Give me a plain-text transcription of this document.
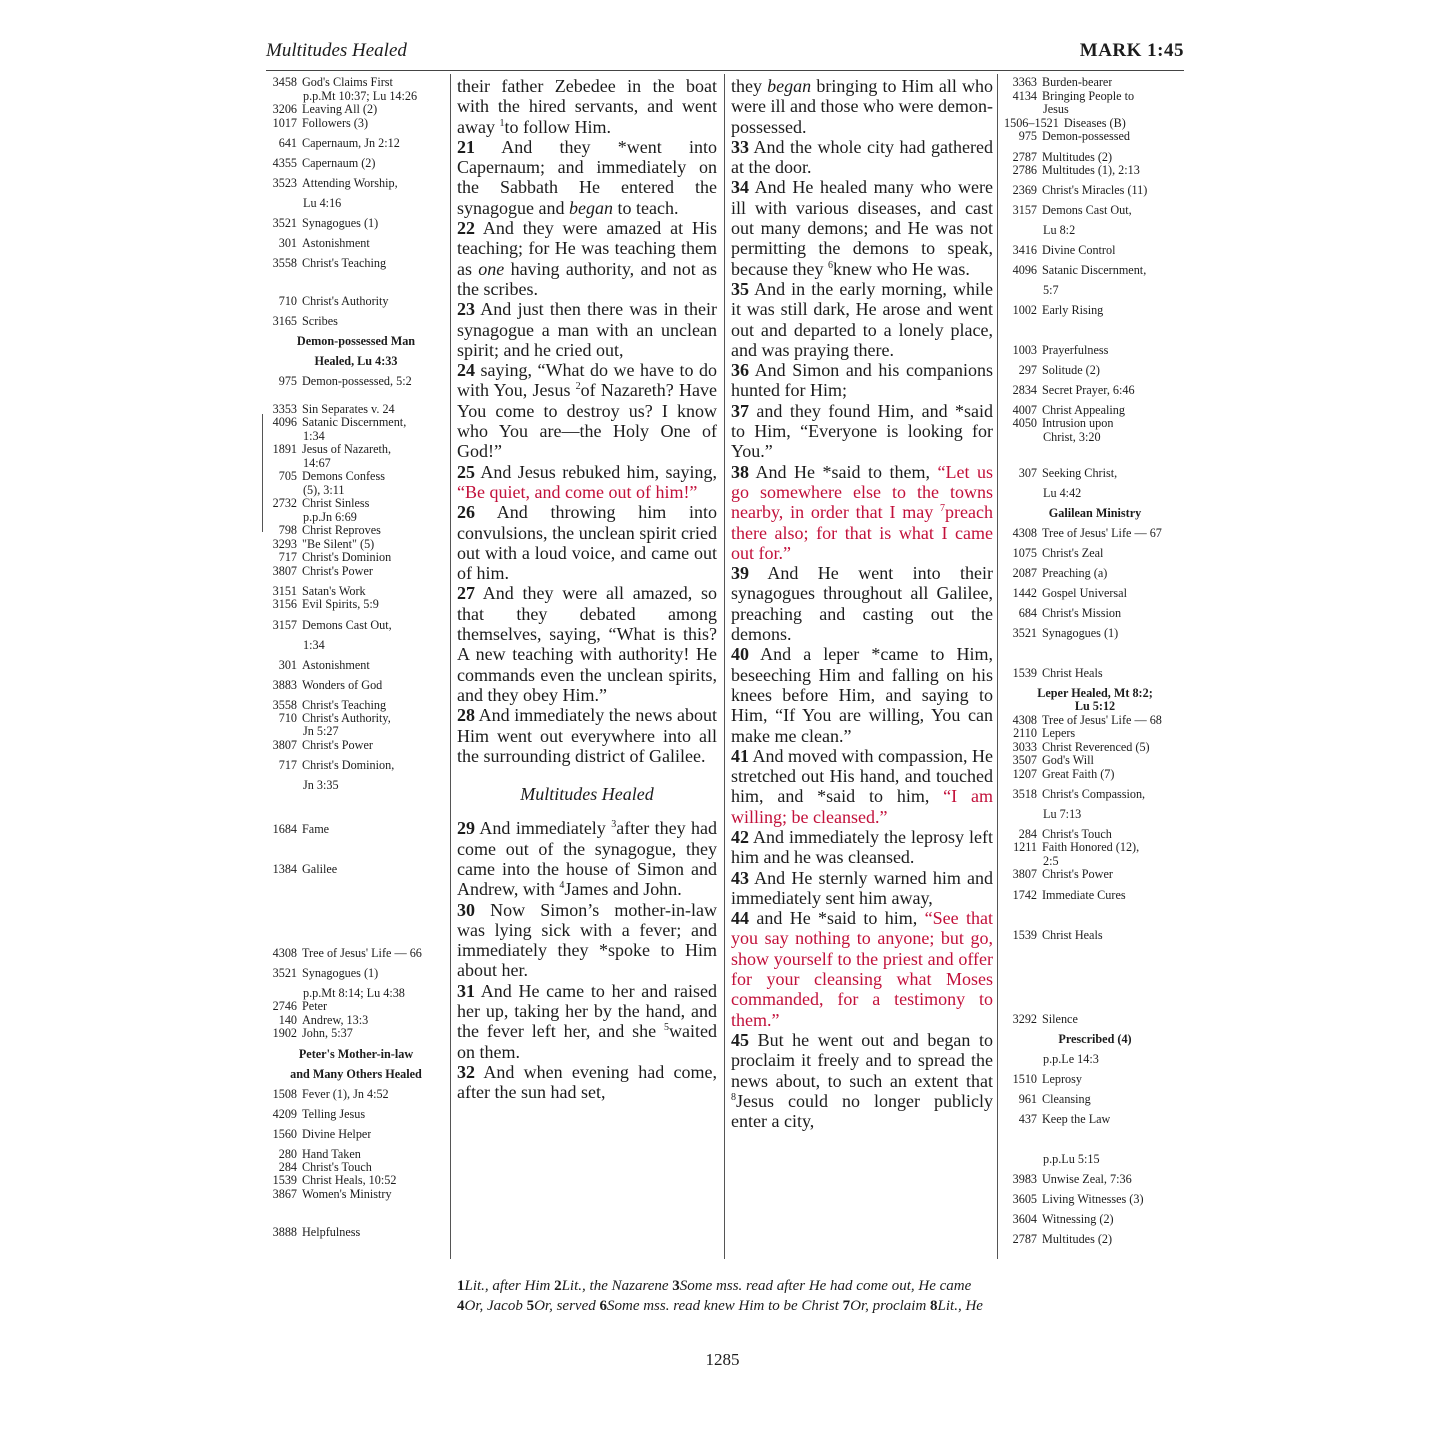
Multitudes Healed	MARK 1:45
3458 God's Claims First
p.p.Mt 10:37; Lu 14:26
3206 Leaving All (2)
1017 Followers (3)
641 Capernaum, Jn 2:12
4355 Capernaum (2)
3523 Attending Worship,
Lu 4:16
3521 Synagogues (1)
301 Astonishment
3558 Christ's Teaching
710 Christ's Authority
3165 Scribes
Demon-possessed Man
Healed, Lu 4:33
975 Demon-possessed, 5:2
3353 Sin Separates v. 24
4096 Satanic Discernment,
1:34
1891 Jesus of Nazareth,
14:67
705 Demons Confess
(5), 3:11
2732 Christ Sinless
p.p.Jn 6:69
798 Christ Reproves
3293 "Be Silent" (5)
717 Christ's Dominion
3807 Christ's Power
3151 Satan's Work
3156 Evil Spirits, 5:9
3157 Demons Cast Out,
1:34
301 Astonishment
3883 Wonders of God
3558 Christ's Teaching
710 Christ's Authority,
Jn 5:27
3807 Christ's Power
717 Christ's Dominion,
Jn 3:35
1684 Fame
1384 Galilee
4308 Tree of Jesus' Life — 66
3521 Synagogues (1)
p.p.Mt 8:14; Lu 4:38
2746 Peter
140 Andrew, 13:3
1902 John, 5:37
Peter's Mother-in-law
and Many Others Healed
1508 Fever (1), Jn 4:52
4209 Telling Jesus
1560 Divine Helper
280 Hand Taken
284 Christ's Touch
1539 Christ Heals, 10:52
3867 Women's Ministry
3888 Helpfulness

their father Zebedee in the boat with the hired servants, and went away $^1$to follow Him.

21 And they *went into Capernaum; and immediately on the Sabbath He entered the synagogue and began to teach.

22 And they were amazed at His teaching; for He was teaching them as one having authority, and not as the scribes.

23 And just then there was in their synagogue a man with an unclean spirit; and he cried out,

24 saying, “What do we have to do with You, Jesus $^2$of Nazareth? Have You come to destroy us? I know who You are—the Holy One of God!”

25 And Jesus rebuked him, saying, “Be quiet, and come out of him!”

26 And throwing him into convulsions, the unclean spirit cried out with a loud voice, and came out of him.

27 And they were all amazed, so that they debated among themselves, saying, “What is this? A new teaching with authority! He commands even the unclean spirits, and they obey Him.”

28 And immediately the news about Him went out everywhere into all the surrounding district of Galilee.

Multitudes Healed

29 And immediately $^3$after they had come out of the synagogue, they came into the house of Simon and Andrew, with $^4$James and John.

30 Now Simon’s mother-in-law was lying sick with a fever; and immediately they *spoke to Him about her.

31 And He came to her and raised her up, taking her by the hand, and the fever left her, and she $^5$waited on them.

32 And when evening had come, after the sun had set,

they began bringing to Him all who were ill and those who were demon-possessed.

33 And the whole city had gathered at the door.

34 And He healed many who were ill with various diseases, and cast out many demons; and He was not permitting the demons to speak, because they $^6$knew who He was.

35 And in the early morning, while it was still dark, He arose and went out and departed to a lonely place, and was praying there.

36 And Simon and his companions hunted for Him;

37 and they found Him, and *said to Him, “Everyone is looking for You.”

38 And He *said to them, “Let us go somewhere else to the towns nearby, in order that I may $^7$preach there also; for that is what I came out for.”

39 And He went into their synagogues throughout all Galilee, preaching and casting out the demons.

40 And a leper *came to Him, beseeching Him and falling on his knees before Him, and saying to Him, “If You are willing, You can make me clean.”

41 And moved with compassion, He stretched out His hand, and touched him, and *said to him, “I am willing; be cleansed.”

42 And immediately the leprosy left him and he was cleansed.

43 And He sternly warned him and immediately sent him away,

44 and He *said to him, “See that you say nothing to anyone; but go, show yourself to the priest and offer for your cleansing what Moses commanded, for a testimony to them.”

45 But he went out and began to proclaim it freely and to spread the news about, to such an extent that $^8$Jesus could no longer publicly enter a city,

3363 Burden-bearer
4134 Bringing People to
Jesus
1506–1521 Diseases (B)
975 Demon-possessed
2787 Multitudes (2)
2786 Multitudes (1), 2:13
2369 Christ's Miracles (11)
3157 Demons Cast Out,
Lu 8:2
3416 Divine Control
4096 Satanic Discernment,
5:7
1002 Early Rising
1003 Prayerfulness
297 Solitude (2)
2834 Secret Prayer, 6:46
4007 Christ Appealing
4050 Intrusion upon
Christ, 3:20
307 Seeking Christ,
Lu 4:42
Galilean Ministry
4308 Tree of Jesus' Life — 67
1075 Christ's Zeal
2087 Preaching (a)
1442 Gospel Universal
684 Christ's Mission
3521 Synagogues (1)
1539 Christ Heals
Leper Healed, Mt 8:2;
Lu 5:12
4308 Tree of Jesus' Life — 68
2110 Lepers
3033 Christ Reverenced (5)
3507 God's Will
1207 Great Faith (7)
3518 Christ's Compassion,
Lu 7:13
284 Christ's Touch
1211 Faith Honored (12),
2:5
3807 Christ's Power
1742 Immediate Cures
1539 Christ Heals
3292 Silence
Prescribed (4)
p.p.Le 14:3
1510 Leprosy
961 Cleansing
437 Keep the Law
p.p.Lu 5:15
3983 Unwise Zeal, 7:36
3605 Living Witnesses (3)
3604 Witnessing (2)
2787 Multitudes (2)
1Lit., after Him 2Lit., the Nazarene 3Some mss. read after He had come out, He came 4Or, Jacob 5Or, served 6Some mss. read knew Him to be Christ 7Or, proclaim 8Lit., He
1285
